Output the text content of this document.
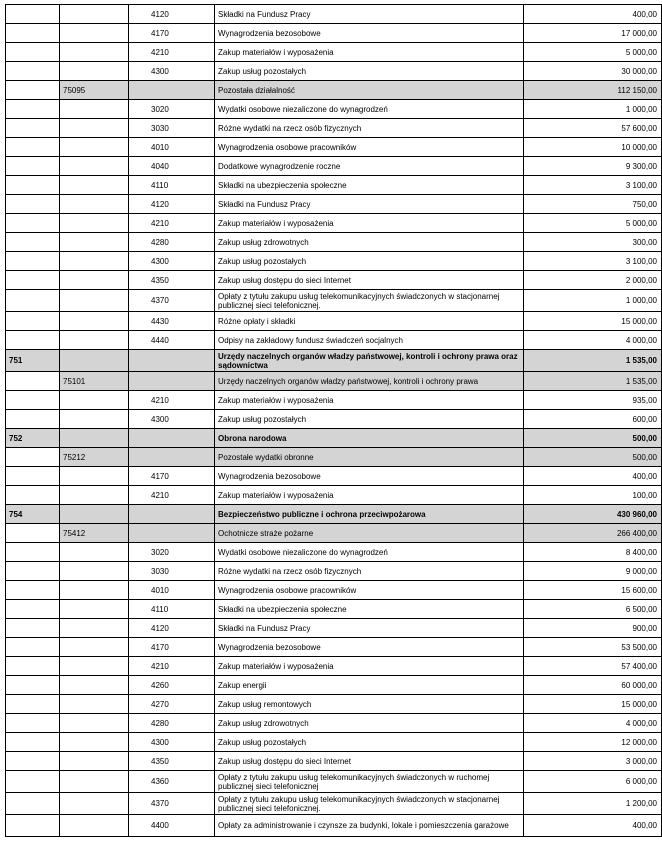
		4120	Składki na Fundusz Pracy	400,00
		4170	Wynagrodzenia bezosobowe	17 000,00
		4210	Zakup materiałów i wyposażenia	5 000,00
		4300	Zakup usług pozostałych	30 000,00
	75095		Pozostała działalność	112 150,00
		3020	Wydatki osobowe niezaliczone do wynagrodzeń	1 000,00
		3030	Różne wydatki na rzecz osób fizycznych	57 600,00
		4010	Wynagrodzenia osobowe pracowników	10 000,00
		4040	Dodatkowe wynagrodzenie roczne	9 300,00
		4110	Składki na ubezpieczenia społeczne	3 100,00
		4120	Składki na Fundusz Pracy	750,00
		4210	Zakup materiałów i wyposażenia	5 000,00
		4280	Zakup usług zdrowotnych	300,00
		4300	Zakup usług pozostałych	3 100,00
		4350	Zakup usług dostępu do sieci Internet	2 000,00
		4370	Opłaty z tytułu zakupu usług telekomunikacyjnych świadczonych w stacjonarnej publicznej sieci telefonicznej.	1 000,00
		4430	Różne opłaty i składki	15 000,00
		4440	Odpisy na zakładowy fundusz świadczeń socjalnych	4 000,00
751			Urzędy naczelnych organów władzy państwowej, kontroli i ochrony prawa oraz sądownictwa	1 535,00
	75101		Urzędy naczelnych organów władzy państwowej, kontroli i ochrony prawa	1 535,00
		4210	Zakup materiałów i wyposażenia	935,00
		4300	Zakup usług pozostałych	600,00
752			Obrona narodowa	500,00
	75212		Pozostałe wydatki obronne	500,00
		4170	Wynagrodzenia bezosobowe	400,00
		4210	Zakup materiałów i wyposażenia	100,00
754			Bezpieczeństwo publiczne i ochrona przeciwpożarowa	430 960,00
	75412		Ochotnicze straże pożarne	266 400,00
		3020	Wydatki osobowe niezaliczone do wynagrodzeń	8 400,00
		3030	Różne wydatki na rzecz osób fizycznych	9 000,00
		4010	Wynagrodzenia osobowe pracowników	15 600,00
		4110	Składki na ubezpieczenia społeczne	6 500,00
		4120	Składki na Fundusz Pracy	900,00
		4170	Wynagrodzenia bezosobowe	53 500,00
		4210	Zakup materiałów i wyposażenia	57 400,00
		4260	Zakup energii	60 000,00
		4270	Zakup usług remontowych	15 000,00
		4280	Zakup usług zdrowotnych	4 000,00
		4300	Zakup usług pozostałych	12 000,00
		4350	Zakup usług dostępu do sieci Internet	3 000,00
		4360	Opłaty z tytułu zakupu usług telekomunikacyjnych świadczonych w ruchomej publicznej sieci telefonicznej	6 000,00
		4370	Opłaty z tytułu zakupu usług telekomunikacyjnych świadczonych w stacjonarnej publicznej sieci telefonicznej.	1 200,00
		4400	Opłaty za administrowanie i czynsze za budynki, lokale i pomieszczenia garażowe	400,00
